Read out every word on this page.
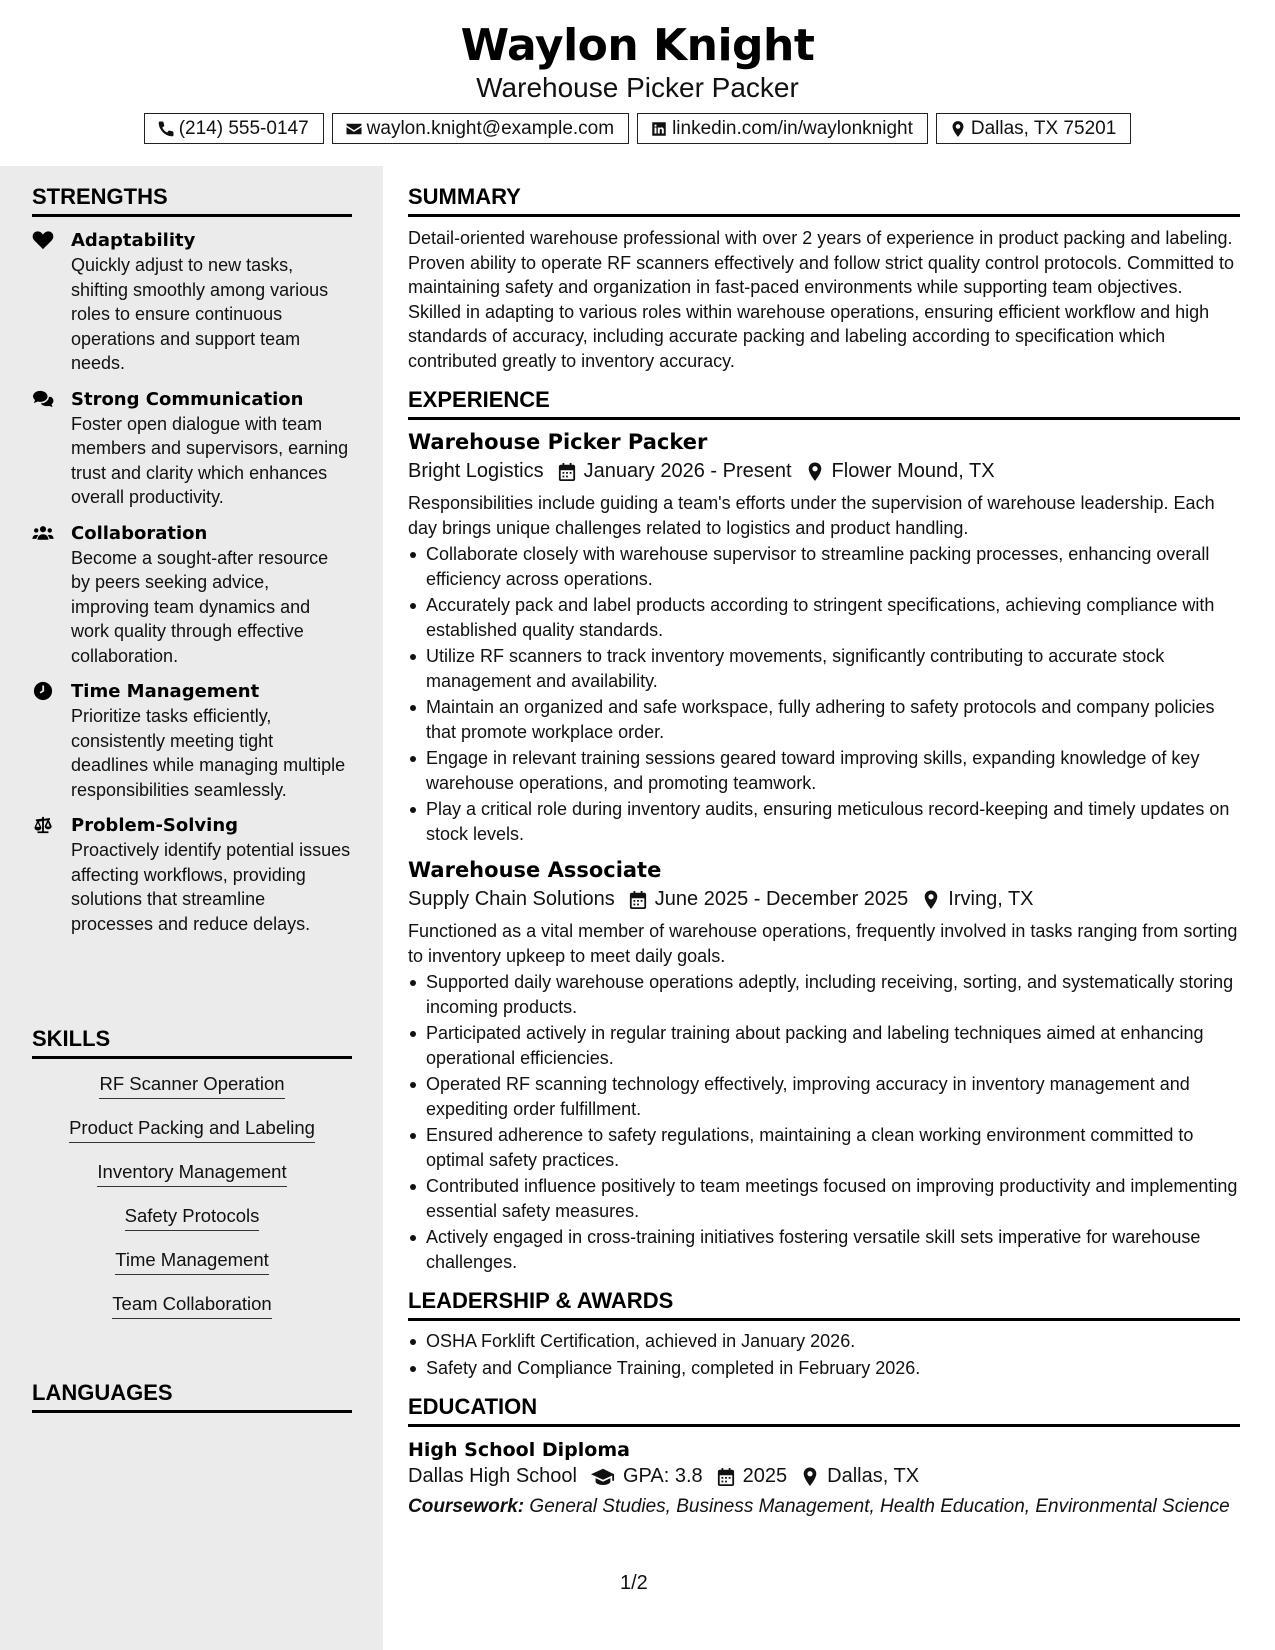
Waylon Knight
Warehouse Picker Packer
(214) 555-0147	waylon.knight@example.com	linkedin.com/in/waylonknight	Dallas, TX 75201
STRENGTHS
Adaptability
Quickly adjust to new tasks, shifting smoothly among various roles to ensure continuous operations and support team needs.
Strong Communication
Foster open dialogue with team members and supervisors, earning trust and clarity which enhances overall productivity.
Collaboration
Become a sought-after resource by peers seeking advice, improving team dynamics and work quality through effective collaboration.
Time Management
Prioritize tasks efficiently, consistently meeting tight deadlines while managing multiple responsibilities seamlessly.
Problem-Solving
Proactively identify potential issues affecting workflows, providing solutions that streamline processes and reduce delays.
SKILLS
RF Scanner Operation
Product Packing and Labeling
Inventory Management
Safety Protocols
Time Management
Team Collaboration
LANGUAGES
SUMMARY
Detail-oriented warehouse professional with over 2 years of experience in product packing and labeling. Proven ability to operate RF scanners effectively and follow strict quality control protocols. Committed to maintaining safety and organization in fast-paced environments while supporting team objectives. Skilled in adapting to various roles within warehouse operations, ensuring efficient workflow and high standards of accuracy, including accurate packing and labeling according to specification which contributed greatly to inventory accuracy.
EXPERIENCE
Warehouse Picker Packer
Bright Logistics January 2026 - Present Flower Mound, TX
Responsibilities include guiding a team's efforts under the supervision of warehouse leadership. Each day brings unique challenges related to logistics and product handling.
Collaborate closely with warehouse supervisor to streamline packing processes, enhancing overall efficiency across operations.
Accurately pack and label products according to stringent specifications, achieving compliance with established quality standards.
Utilize RF scanners to track inventory movements, significantly contributing to accurate stock management and availability.
Maintain an organized and safe workspace, fully adhering to safety protocols and company policies that promote workplace order.
Engage in relevant training sessions geared toward improving skills, expanding knowledge of key warehouse operations, and promoting teamwork.
Play a critical role during inventory audits, ensuring meticulous record-keeping and timely updates on stock levels.
Warehouse Associate
Supply Chain Solutions June 2025 - December 2025 Irving, TX
Functioned as a vital member of warehouse operations, frequently involved in tasks ranging from sorting to inventory upkeep to meet daily goals.
Supported daily warehouse operations adeptly, including receiving, sorting, and systematically storing incoming products.
Participated actively in regular training about packing and labeling techniques aimed at enhancing operational efficiencies.
Operated RF scanning technology effectively, improving accuracy in inventory management and expediting order fulfillment.
Ensured adherence to safety regulations, maintaining a clean working environment committed to optimal safety practices.
Contributed influence positively to team meetings focused on improving productivity and implementing essential safety measures.
Actively engaged in cross-training initiatives fostering versatile skill sets imperative for warehouse challenges.
LEADERSHIP & AWARDS
OSHA Forklift Certification, achieved in January 2026.
Safety and Compliance Training, completed in February 2026.
EDUCATION
High School Diploma
Dallas High School GPA: 3.8 2025 Dallas, TX
Coursework: General Studies, Business Management, Health Education, Environmental Science
1/2
